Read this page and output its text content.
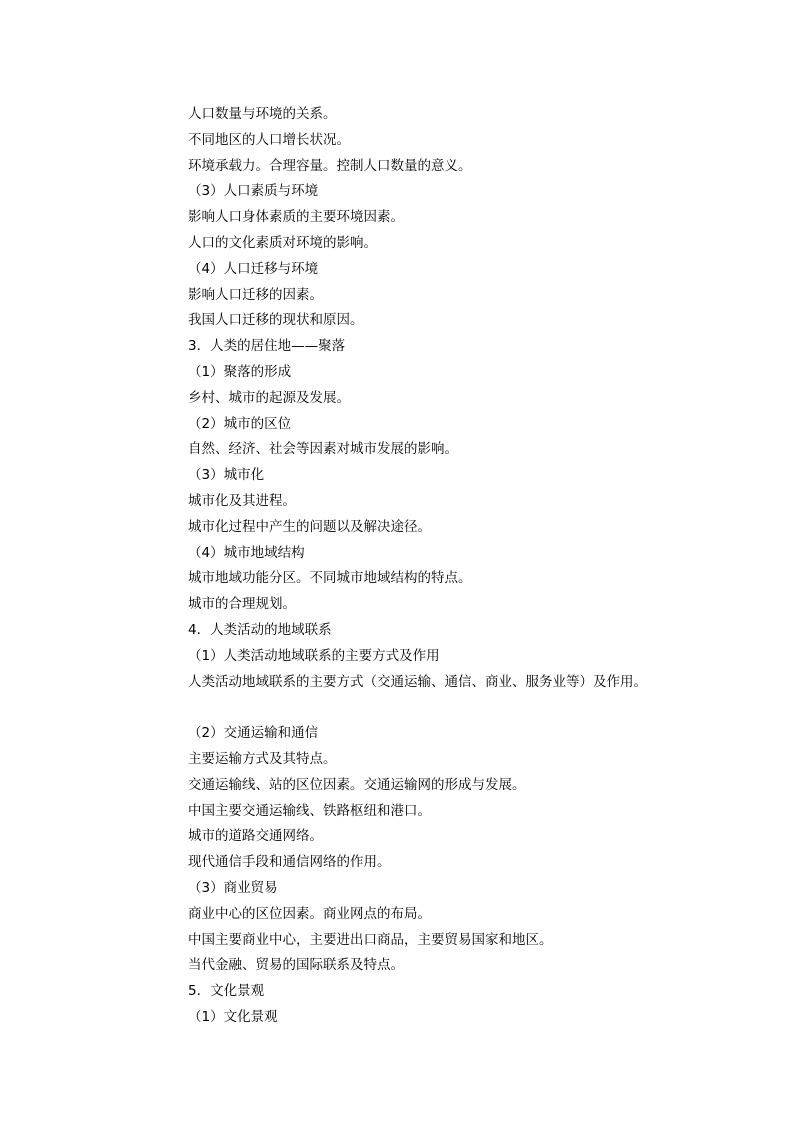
人口数量与环境的关系。
不同地区的人口增长状况。
环境承载力。合理容量。控制人口数量的意义。
（3）人口素质与环境
影响人口身体素质的主要环境因素。
人口的文化素质对环境的影响。
（4）人口迁移与环境
影响人口迁移的因素。
我国人口迁移的现状和原因。
3．人类的居住地——聚落
（1）聚落的形成
乡村、城市的起源及发展。
（2）城市的区位
自然、经济、社会等因素对城市发展的影响。
（3）城市化
城市化及其进程。
城市化过程中产生的问题以及解决途径。
（4）城市地域结构
城市地域功能分区。不同城市地域结构的特点。
城市的合理规划。
4．人类活动的地域联系
（1）人类活动地域联系的主要方式及作用
人类活动地域联系的主要方式（交通运输、通信、商业、服务业等）及作用。
（2）交通运输和通信
主要运输方式及其特点。
交通运输线、站的区位因素。交通运输网的形成与发展。
中国主要交通运输线、铁路枢纽和港口。
城市的道路交通网络。
现代通信手段和通信网络的作用。
（3）商业贸易
商业中心的区位因素。商业网点的布局。
中国主要商业中心，主要进出口商品，主要贸易国家和地区。
当代金融、贸易的国际联系及特点。
5．文化景观
（1）文化景观
